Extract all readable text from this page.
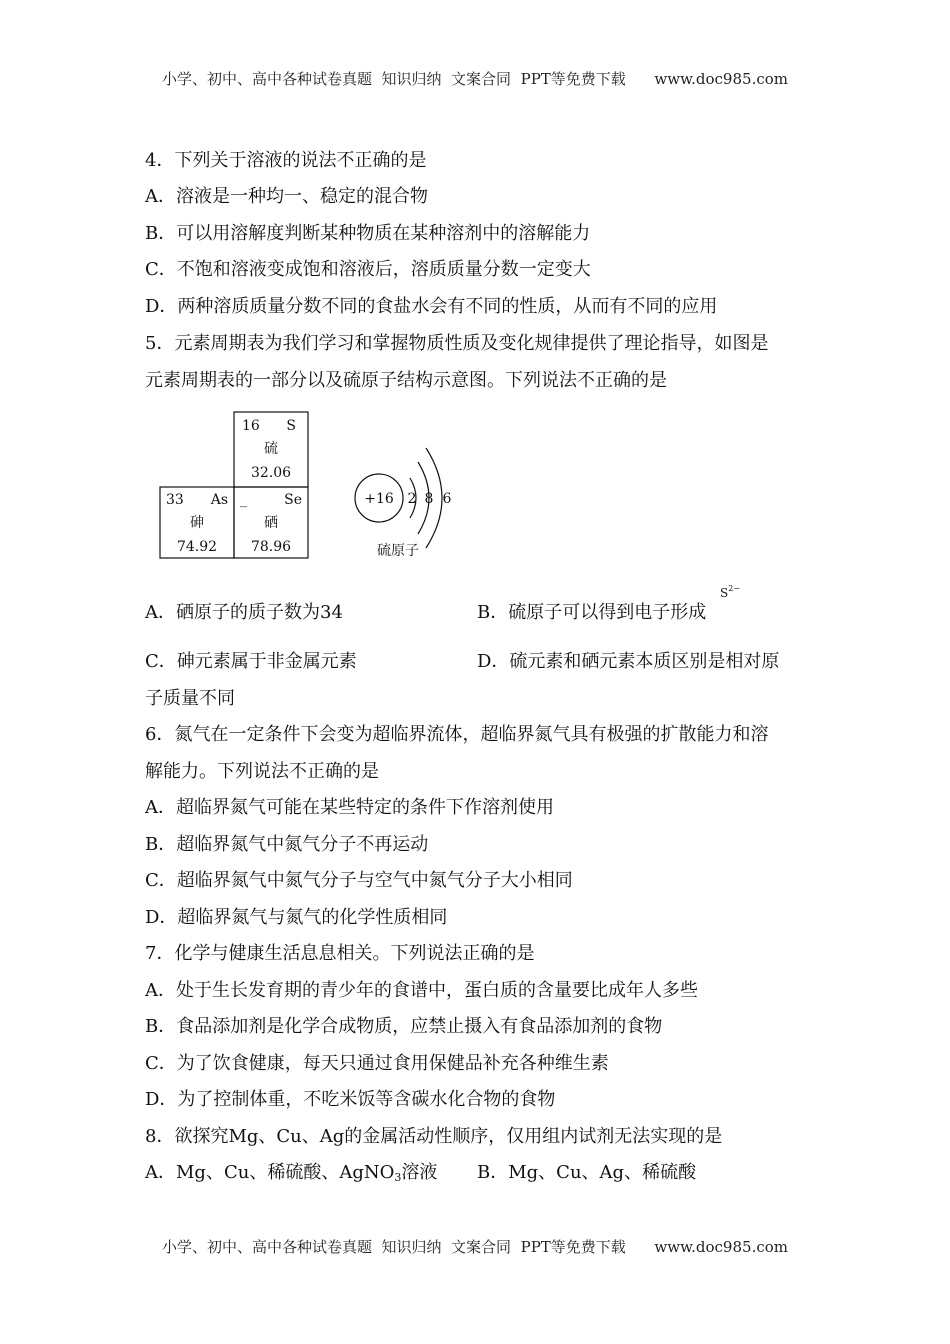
小学、初中、高中各种试卷真题  知识归纳  文案合同  PPT等免费下载      www.doc985.com
4．下列关于溶液的说法不正确的是
A．溶液是一种均一、稳定的混合物
B．可以用溶解度判断某种物质在某种溶剂中的溶解能力
C．不饱和溶液变成饱和溶液后，溶质质量分数一定变大
D．两种溶质质量分数不同的食盐水会有不同的性质，从而有不同的应用
5．元素周期表为我们学习和掌握物质性质及变化规律提供了理论指导，如图是
元素周期表的一部分以及硫原子结构示意图。下列说法不正确的是
16 S
硫
32.06
33 As
砷
74.92
_	Se
硒
78.96
+16 2 8 6
硫原子
A．硒原子的质子数为34	B．硫原子可以得到电子形成
$S^{2-}$
C．砷元素属于非金属元素	D．硫元素和硒元素本质区别是相对原
子质量不同
6．氮气在一定条件下会变为超临界流体，超临界氮气具有极强的扩散能力和溶
解能力。下列说法不正确的是
A．超临界氮气可能在某些特定的条件下作溶剂使用
B．超临界氮气中氮气分子不再运动
C．超临界氮气中氮气分子与空气中氮气分子大小相同
D．超临界氮气与氮气的化学性质相同
7．化学与健康生活息息相关。下列说法正确的是
A．处于生长发育期的青少年的食谱中，蛋白质的含量要比成年人多些
B．食品添加剂是化学合成物质，应禁止摄入有食品添加剂的食物
C．为了饮食健康，每天只通过食用保健品补充各种维生素
D．为了控制体重，不吃米饭等含碳水化合物的食物
8．欲探究Mg、Cu、Ag的金属活动性顺序，仅用组内试剂无法实现的是
A．Mg、Cu、稀硫酸、AgNO$_3$溶液 B．Mg、Cu、Ag、稀硫酸
小学、初中、高中各种试卷真题  知识归纳  文案合同  PPT等免费下载      www.doc985.com
